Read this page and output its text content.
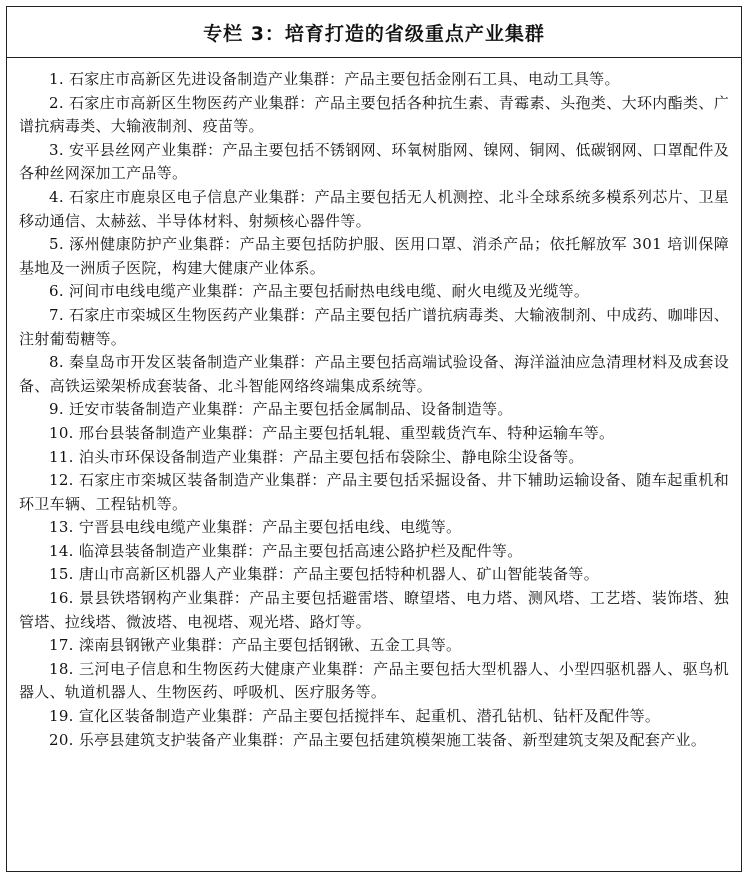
专栏 3：培育打造的省级重点产业集群

1. 石家庄市高新区先进设备制造产业集群：产品主要包括金刚石工具、电动工具等。

2. 石家庄市高新区生物医药产业集群：产品主要包括各种抗生素、青霉素、头孢类、大环内酯类、广谱抗病毒类、大输液制剂、疫苗等。

3. 安平县丝网产业集群：产品主要包括不锈钢网、环氧树脂网、镍网、铜网、低碳钢网、口罩配件及各种丝网深加工产品等。

4. 石家庄市鹿泉区电子信息产业集群：产品主要包括无人机测控、北斗全球系统多模系列芯片、卫星移动通信、太赫兹、半导体材料、射频核心器件等。

5. 涿州健康防护产业集群：产品主要包括防护服、医用口罩、消杀产品；依托解放军 301 培训保障基地及一洲质子医院，构建大健康产业体系。

6. 河间市电线电缆产业集群：产品主要包括耐热电线电缆、耐火电缆及光缆等。

7. 石家庄市栾城区生物医药产业集群：产品主要包括广谱抗病毒类、大输液制剂、中成药、咖啡因、注射葡萄糖等。

8. 秦皇岛市开发区装备制造产业集群：产品主要包括高端试验设备、海洋溢油应急清理材料及成套设备、高铁运梁架桥成套装备、北斗智能网络终端集成系统等。

9. 迁安市装备制造产业集群：产品主要包括金属制品、设备制造等。

10. 邢台县装备制造产业集群：产品主要包括轧辊、重型载货汽车、特种运输车等。

11. 泊头市环保设备制造产业集群：产品主要包括布袋除尘、静电除尘设备等。

12. 石家庄市栾城区装备制造产业集群：产品主要包括采掘设备、井下辅助运输设备、随车起重机和环卫车辆、工程钻机等。

13. 宁晋县电线电缆产业集群：产品主要包括电线、电缆等。

14. 临漳县装备制造产业集群：产品主要包括高速公路护栏及配件等。

15. 唐山市高新区机器人产业集群：产品主要包括特种机器人、矿山智能装备等。

16. 景县铁塔钢构产业集群：产品主要包括避雷塔、瞭望塔、电力塔、测风塔、工艺塔、装饰塔、独管塔、拉线塔、微波塔、电视塔、观光塔、路灯等。

17. 滦南县钢锹产业集群：产品主要包括钢锹、五金工具等。

18. 三河电子信息和生物医药大健康产业集群：产品主要包括大型机器人、小型四驱机器人、驱鸟机器人、轨道机器人、生物医药、呼吸机、医疗服务等。

19. 宣化区装备制造产业集群：产品主要包括搅拌车、起重机、潜孔钻机、钻杆及配件等。

20. 乐亭县建筑支护装备产业集群：产品主要包括建筑模架施工装备、新型建筑支架及配套产业。
